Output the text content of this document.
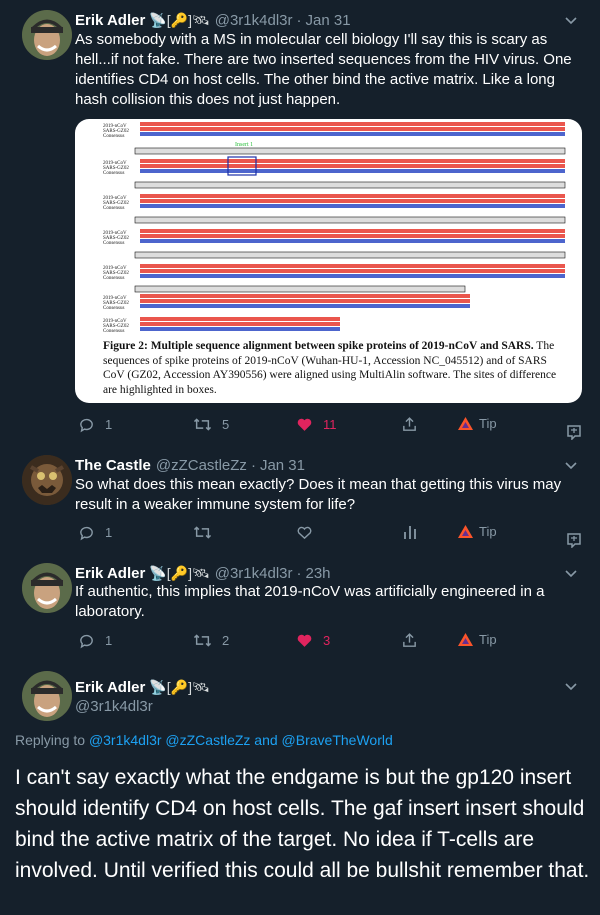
Erik Adler 📡[🔑]🛰 @3r1k4dl3r · Jan 31
As somebody with a MS in molecular cell biology I'll say this is scary as hell...if not fake. There are two inserted sequences from the HIV virus. One identifies CD4 on host cells. The other bind the active matrix. Like a long hash collision this does not just happen.
2019-nCoV
SARS-GZ02
Consensus
2019-nCoV
SARS-GZ02
Consensus
2019-nCoV
SARS-GZ02
Consensus
2019-nCoV
SARS-GZ02
Consensus
2019-nCoV
SARS-GZ02
Consensus
2019-nCoV
SARS-GZ02
Consensus
2019-nCoV
SARS-GZ02
Consensus
Insert 1
Figure 2: Multiple sequence alignment between spike proteins of 2019-nCoV and SARS. The sequences of spike proteins of 2019-nCoV (Wuhan-HU-1, Accession NC_045512) and of SARS CoV (GZ02, Accession AY390556) were aligned using MultiAlin software. The sites of difference are highlighted in boxes.
1	5	11	Tip
The Castle @zZCastleZz · Jan 31
So what does this mean exactly? Does it mean that getting this virus may result in a weaker immune system for life?
1	Tip
Erik Adler 📡[🔑]🛰 @3r1k4dl3r · 23h
If authentic, this implies that 2019-nCoV was artificially engineered in a laboratory.
1	2	3	Tip
Erik Adler 📡[🔑]🛰
@3r1k4dl3r
Replying to @3r1k4dl3r @zZCastleZz and @BraveTheWorld
I can't say exactly what the endgame is but the gp120 insert should identify CD4 on host cells. The gaf insert insert should bind the active matrix of the target. No idea if T-cells are involved. Until verified this could all be bullshit remember that.
